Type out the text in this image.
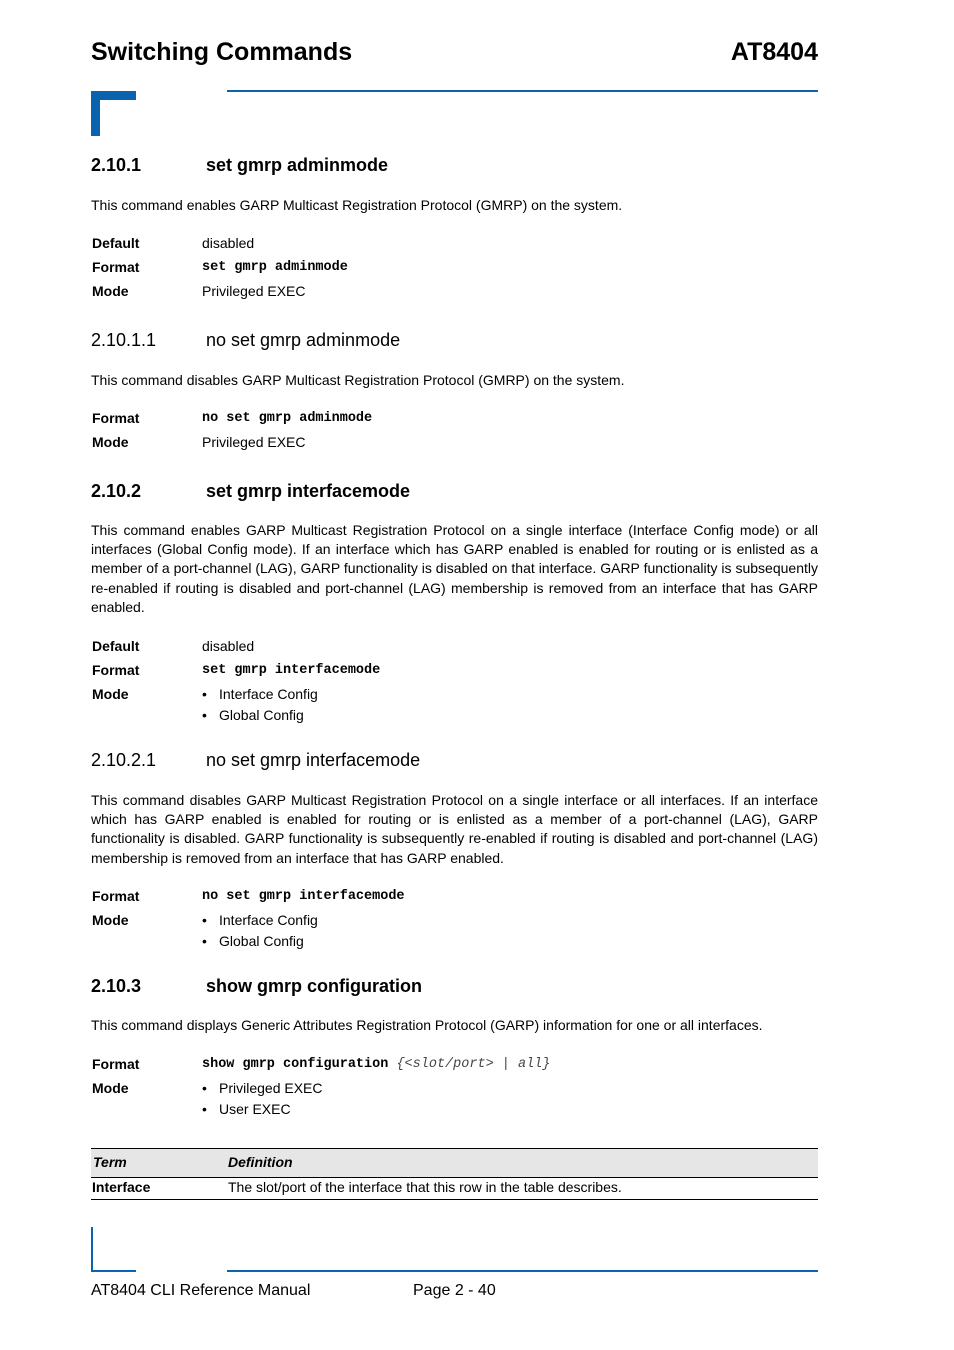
Switching Commands	AT8404
2.10.1	set gmrp adminmode
This command enables GARP Multicast Registration Protocol (GMRP) on the system.
Default	disabled
Format	set gmrp adminmode
Mode	Privileged EXEC
2.10.1.1	no set gmrp adminmode
This command disables GARP Multicast Registration Protocol (GMRP) on the system.
Format	no set gmrp adminmode
Mode	Privileged EXEC
2.10.2	set gmrp interfacemode
This command enables GARP Multicast Registration Protocol on a single interface (Interface Config mode) or all interfaces (Global Config mode). If an interface which has GARP enabled is enabled for routing or is enlisted as a member of a port-channel (LAG), GARP functionality is disabled on that interface. GARP functionality is subsequently re-enabled if routing is disabled and port-channel (LAG) membership is removed from an interface that has GARP enabled.
Default	disabled
Format	set gmrp interfacemode
Mode	• Interface Config
• Global Config
2.10.2.1	no set gmrp interfacemode
This command disables GARP Multicast Registration Protocol on a single interface or all interfaces. If an interface which has GARP enabled is enabled for routing or is enlisted as a member of a port-channel (LAG), GARP functionality is disabled. GARP functionality is subsequently re-enabled if routing is disabled and port-channel (LAG) membership is removed from an interface that has GARP enabled.
Format	no set gmrp interfacemode
Mode	• Interface Config
• Global Config
2.10.3	show gmrp configuration
This command displays Generic Attributes Registration Protocol (GARP) information for one or all interfaces.
Format	show gmrp configuration {<slot/port> | all}
Mode	• Privileged EXEC
• User EXEC
Term	Definition
Interface	The slot/port of the interface that this row in the table describes.
AT8404 CLI Reference Manual	Page 2 - 40
